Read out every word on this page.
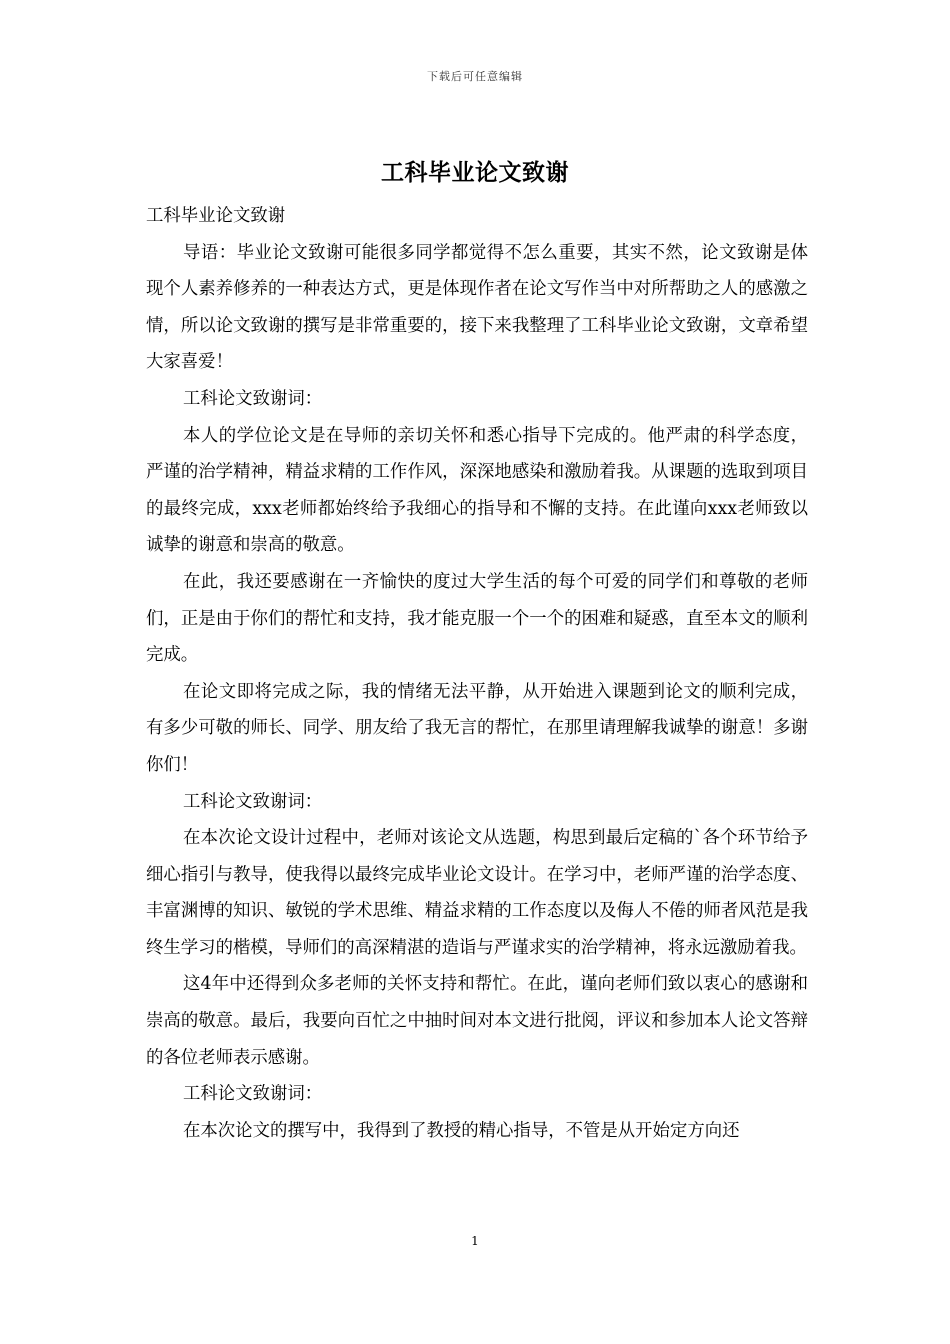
下载后可任意编辑
工科毕业论文致谢

工科毕业论文致谢

导语：毕业论文致谢可能很多同学都觉得不怎么重要，其实不然，论文致谢是体现个人素养修养的一种表达方式，更是体现作者在论文写作当中对所帮助之人的感激之情，所以论文致谢的撰写是非常重要的，接下来我整理了工科毕业论文致谢，文章希望大家喜爱！

工科论文致谢词：

本人的学位论文是在导师的亲切关怀和悉心指导下完成的。他严肃的科学态度，严谨的治学精神，精益求精的工作作风，深深地感染和激励着我。从课题的选取到项目的最终完成，xxx老师都始终给予我细心的指导和不懈的支持。在此谨向xxx老师致以诚挚的谢意和崇高的敬意。

在此，我还要感谢在一齐愉快的度过大学生活的每个可爱的同学们和尊敬的老师们，正是由于你们的帮忙和支持，我才能克服一个一个的困难和疑惑，直至本文的顺利完成。

在论文即将完成之际，我的情绪无法平静，从开始进入课题到论文的顺利完成，有多少可敬的师长、同学、朋友给了我无言的帮忙，在那里请理解我诚挚的谢意！多谢你们！

工科论文致谢词：

在本次论文设计过程中，老师对该论文从选题，构思到最后定稿的`各个环节给予细心指引与教导，使我得以最终完成毕业论文设计。在学习中，老师严谨的治学态度、丰富渊博的知识、敏锐的学术思维、精益求精的工作态度以及侮人不倦的师者风范是我终生学习的楷模，导师们的高深精湛的造诣与严谨求实的治学精神，将永远激励着我。

这4年中还得到众多老师的关怀支持和帮忙。在此，谨向老师们致以衷心的感谢和崇高的敬意。最后，我要向百忙之中抽时间对本文进行批阅，评议和参加本人论文答辩的各位老师表示感谢。

工科论文致谢词：

在本次论文的撰写中，我得到了教授的精心指导，不管是从开始定方向还

1
